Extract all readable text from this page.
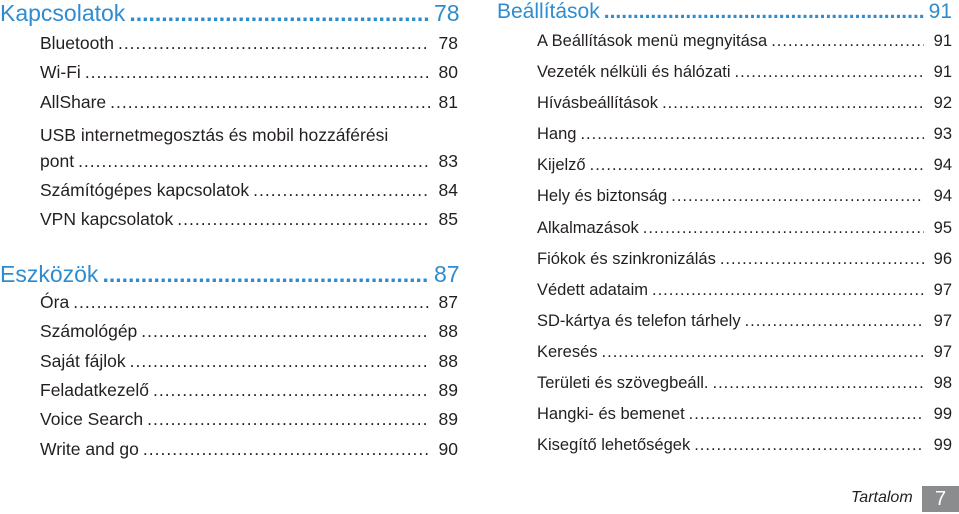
Kapcsolatok .....	78
Bluetooth .....	78
Wi-Fi .....	80
AllShare .....	81
USB internetmegosztás és mobil hozzáférési
pont .....	83
Számítógépes kapcsolatok .....	84
VPN kapcsolatok .....	85
Eszközök .....	87
Óra .....	87
Számológép .....	88
Saját fájlok .....	88
Feladatkezelő .....	89
Voice Search .....	89
Write and go .....	90
Beállítások .....	91
A Beállítások menü megnyitása .....	91
Vezeték nélküli és hálózati .....	91
Hívásbeállítások .....	92
Hang .....	93
Kijelző .....	94
Hely és biztonság .....	94
Alkalmazások .....	95
Fiókok és szinkronizálás .....	96
Védett adataim .....	97
SD-kártya és telefon tárhely .....	97
Keresés .....	97
Területi és szövegbeáll. .....	98
Hangki- és bemenet .....	99
Kisegítő lehetőségek .....	99
Tartalom	7
